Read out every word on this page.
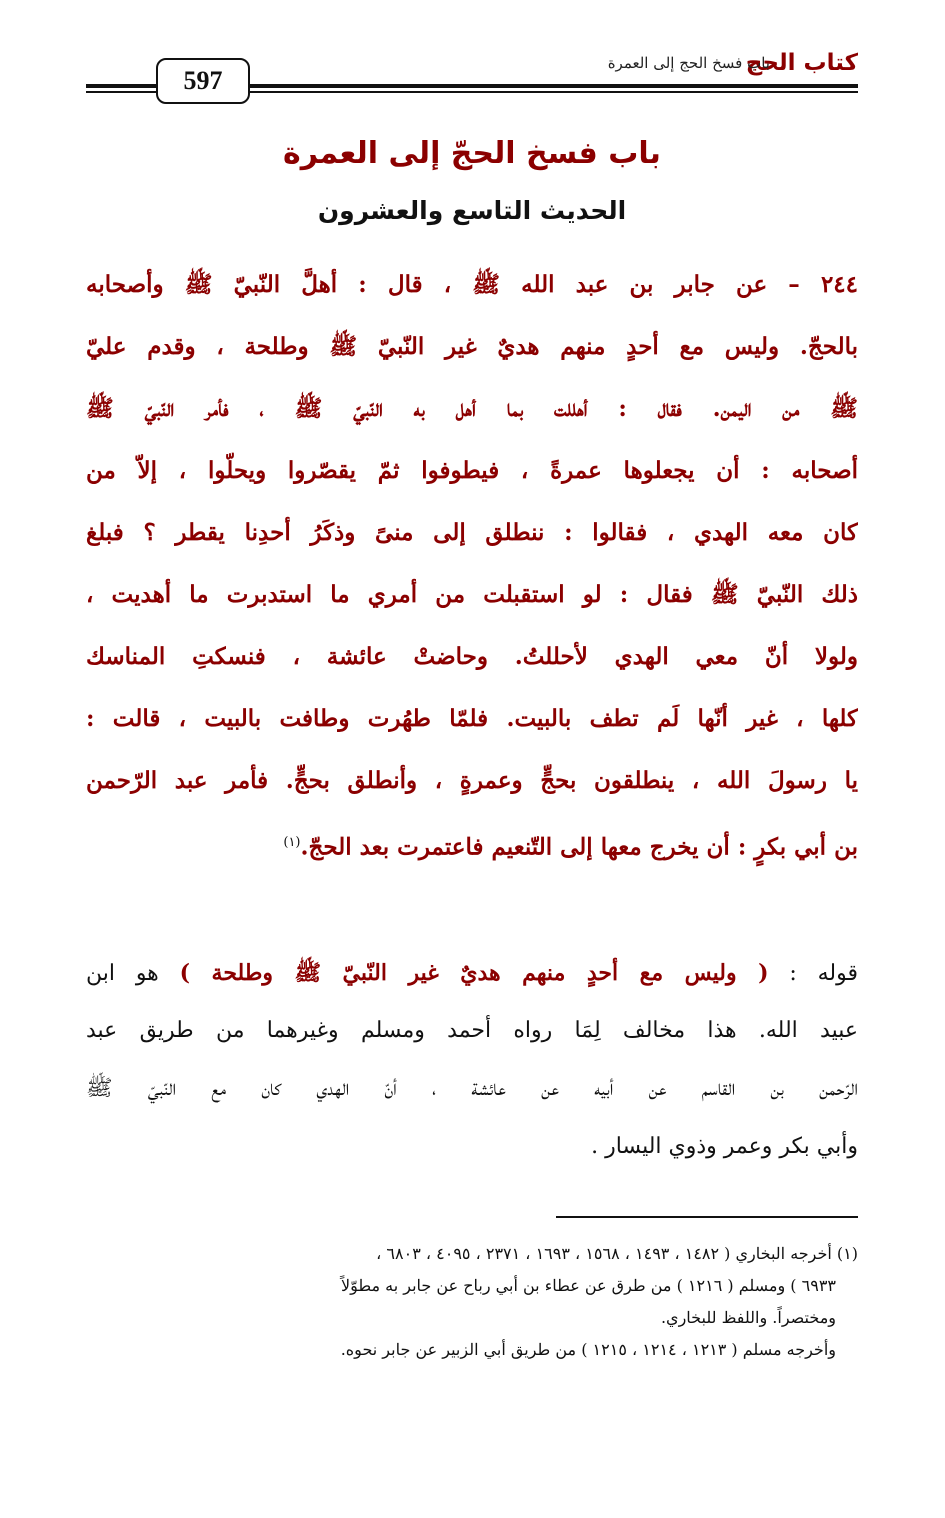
كتاب الحج
باب فسخ الحج إلى العمرة
597
باب فسخ الحجّ إلى العمرة
الحديث التاسع والعشرون
٢٤٤ – عن جابر بن عبد الله ﷺ ، قال : أهلَّ النّبيّ ﷺ وأصحابه
بالحجّ. وليس مع أحدٍ منهم هديٌ غير النّبيّ ﷺ وطلحة ، وقدم عليّ
ﷺ من اليمن. فقال : أهللت بما أهل به النّبيّ ﷺ ، فأمر النّبيّ ﷺ
أصحابه : أن يجعلوها عمرةً ، فيطوفوا ثمّ يقصّروا ويحلّوا ، إلاّ من
كان معه الهدي ، فقالوا : ننطلق إلى منىً وذكَرُ أحدِنا يقطر ؟ فبلغ
ذلك النّبيّ ﷺ فقال : لو استقبلت من أمري ما استدبرت ما أهديت ،
ولولا أنّ معي الهدي لأحللتُ. وحاضتْ عائشة ، فنسكتِ المناسك
كلها ، غير أنّها لَم تطف بالبيت. فلمّا طهُرت وطافت بالبيت ، قالت :
يا رسولَ الله ، ينطلقون بحجٍّ وعمرةٍ ، وأنطلق بحجٍّ. فأمر عبد الرّحمن
بن أبي بكرٍ : أن يخرج معها إلى التّنعيم فاعتمرت بعد الحجّ.$^{(١)}$
قوله : ( وليس مع أحدٍ منهم هديٌ غير النّبيّ ﷺ وطلحة ) هو ابن
عبيد الله. هذا مخالف لِمَا رواه أحمد ومسلم وغيرهما من طريق عبد
الرّحمن بن القاسم عن أبيه عن عائشة ، أنّ الهدي كان مع النّبيّ ﷺ
وأبي بكر وعمر وذوي اليسار .
(١) أخرجه البخاري ( ١٤٨٢ ، ١٤٩٣ ، ١٥٦٨ ، ١٦٩٣ ، ٢٣٧١ ، ٤٠٩٥ ، ٦٨٠٣ ،
٦٩٣٣ ) ومسلم ( ١٢١٦ ) من طرق عن عطاء بن أبي رباح عن جابر به مطوّلاً
ومختصراً. واللفظ للبخاري.
وأخرجه مسلم ( ١٢١٣ ، ١٢١٤ ، ١٢١٥ ) من طريق أبي الزبير عن جابر نحوه.
